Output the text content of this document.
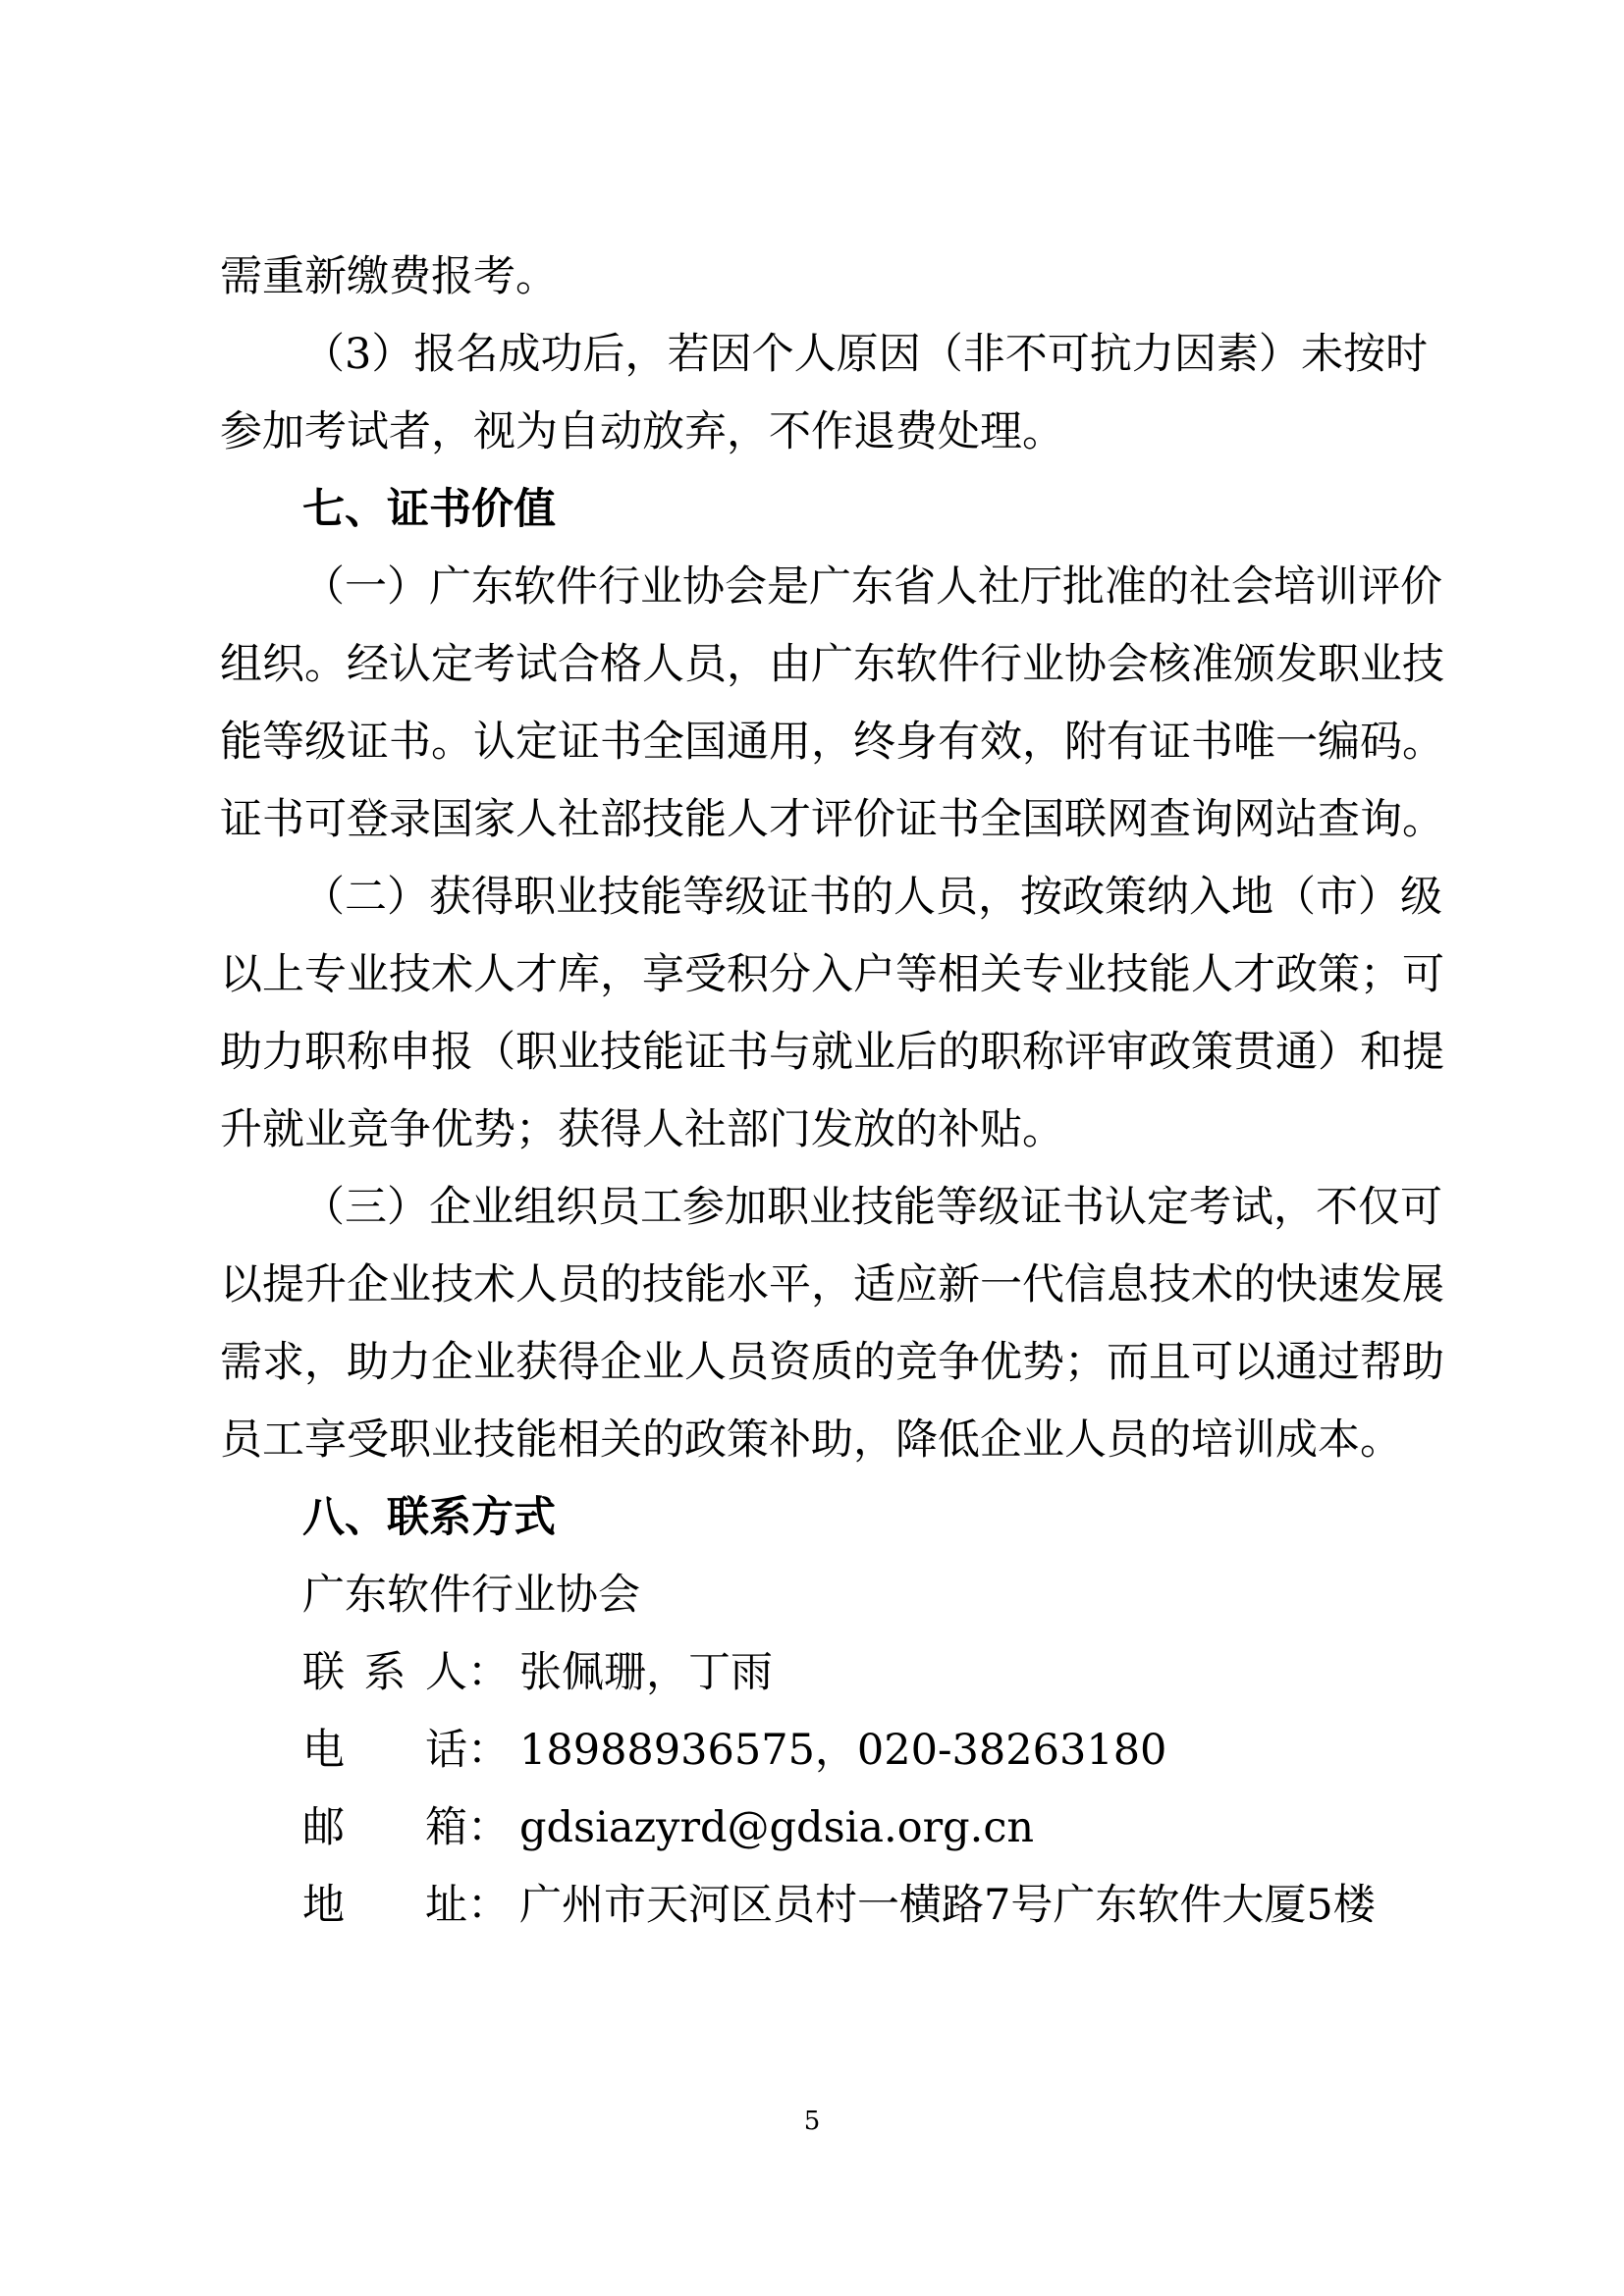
需重新缴费报考。
（3）报名成功后，若因个人原因（非不可抗力因素）未按时
参加考试者，视为自动放弃，不作退费处理。
七、证书价值
（一）广东软件行业协会是广东省人社厅批准的社会培训评价
组织。经认定考试合格人员，由广东软件行业协会核准颁发职业技
能等级证书。认定证书全国通用，终身有效，附有证书唯一编码。
证书可登录国家人社部技能人才评价证书全国联网查询网站查询。
（二）获得职业技能等级证书的人员，按政策纳入地（市）级
以上专业技术人才库，享受积分入户等相关专业技能人才政策；可
助力职称申报（职业技能证书与就业后的职称评审政策贯通）和提
升就业竞争优势；获得人社部门发放的补贴。
（三）企业组织员工参加职业技能等级证书认定考试，不仅可
以提升企业技术人员的技能水平，适应新一代信息技术的快速发展
需求，助力企业获得企业人员资质的竞争优势；而且可以通过帮助
员工享受职业技能相关的政策补助，降低企业人员的培训成本。
八、联系方式
广东软件行业协会
联系人 ： 张佩珊，丁雨
电话 ： 18988936575，020-38263180
邮箱 ： gdsiazyrd@gdsia.org.cn
地址 ： 广州市天河区员村一横路7号广东软件大厦5楼
5
